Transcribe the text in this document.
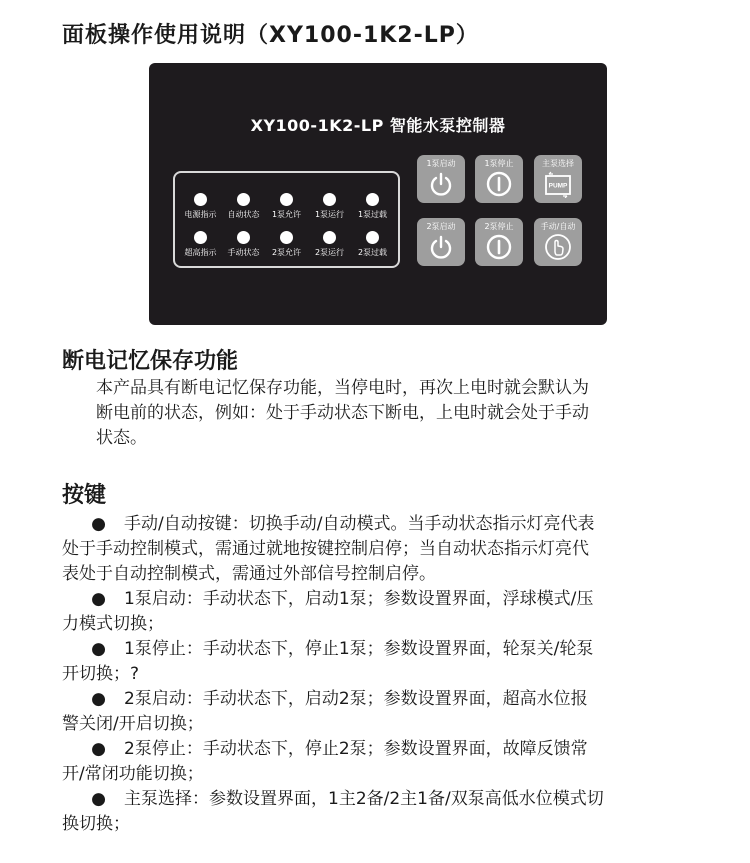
面板操作使用说明（XY100-1K2-LP）
XY100-1K2-LP 智能水泵控制器
电源指示 自动状态 1泵允许 1泵运行 1泵过载
超高指示 手动状态 2泵允许 2泵运行 2泵过载
1泵启动	1泵停止	主泵选择
PUMP
2泵启动	2泵停止	手动/自动
断电记忆保存功能
本产品具有断电记忆保存功能，当停电时，再次上电时就会默认为
断电前的状态，例如：处于手动状态下断电，上电时就会处于手动
状态。
按键
● 手动/自动按键：切换手动/自动模式。当手动状态指示灯亮代表
处于手动控制模式，需通过就地按键控制启停；当自动状态指示灯亮代
表处于自动控制模式，需通过外部信号控制启停。
● 1泵启动：手动状态下，启动1泵；参数设置界面，浮球模式/压
力模式切换；
● 1泵停止：手动状态下，停止1泵；参数设置界面，轮泵关/轮泵
开切换；?
● 2泵启动：手动状态下，启动2泵；参数设置界面，超高水位报
警关闭/开启切换；
● 2泵停止：手动状态下，停止2泵；参数设置界面，故障反馈常
开/常闭功能切换；
● 主泵选择：参数设置界面，1主2备/2主1备/双泵高低水位模式切
换切换；
